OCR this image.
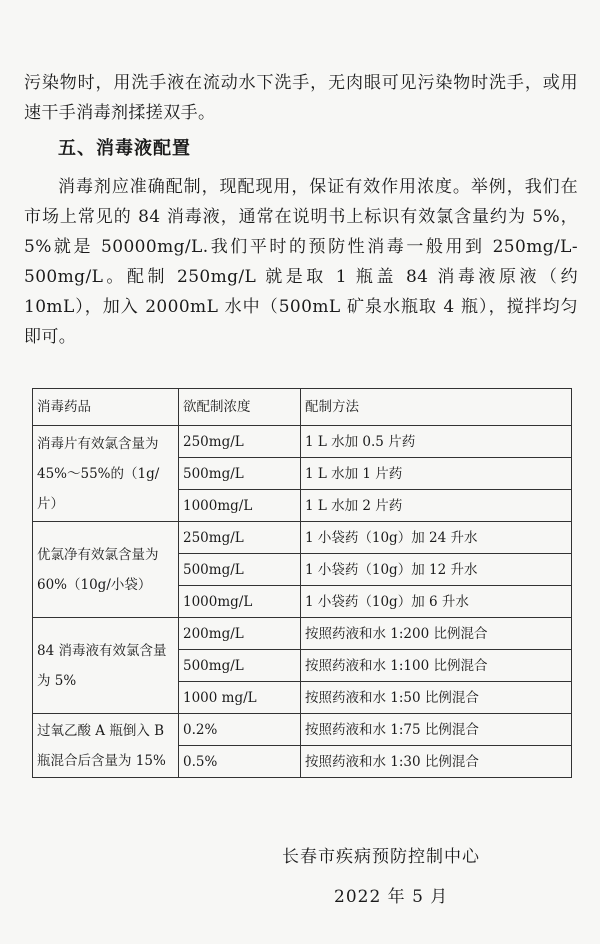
污染物时，用洗手液在流动水下洗手，无肉眼可见污染物时洗手，或用速干手消毒剂揉搓双手。

五、消毒液配置

消毒剂应准确配制，现配现用，保证有效作用浓度。举例，我们在市场上常见的 84 消毒液，通常在说明书上标识有效氯含量约为 5%，5%就是 50000mg/L.我们平时的预防性消毒一般用到 250mg/L-500mg/L。配制 250mg/L 就是取 1 瓶盖 84 消毒液原液（约 10mL），加入 2000mL 水中（500mL 矿泉水瓶取 4 瓶），搅拌均匀即可。

消毒药品	欲配制浓度	配制方法
消毒片有效氯含量为 45%～55%的（1g/片）	250mg/L	1 L 水加 0.5 片药
	500mg/L	1 L 水加 1 片药
	1000mg/L	1 L 水加 2 片药
优氯净有效氯含量为 60%（10g/小袋）	250mg/L	1 小袋药（10g）加 24 升水
	500mg/L	1 小袋药（10g）加 12 升水
	1000mg/L	1 小袋药（10g）加 6 升水
84 消毒液有效氯含量为 5%	200mg/L	按照药液和水 1:200 比例混合
	500mg/L	按照药液和水 1:100 比例混合
	1000 mg/L	按照药液和水 1:50 比例混合
过氧乙酸 A 瓶倒入 B 瓶混合后含量为 15%	0.2%	按照药液和水 1:75 比例混合
	0.5%	按照药液和水 1:30 比例混合
长春市疾病预防控制中心
2022 年 5 月
